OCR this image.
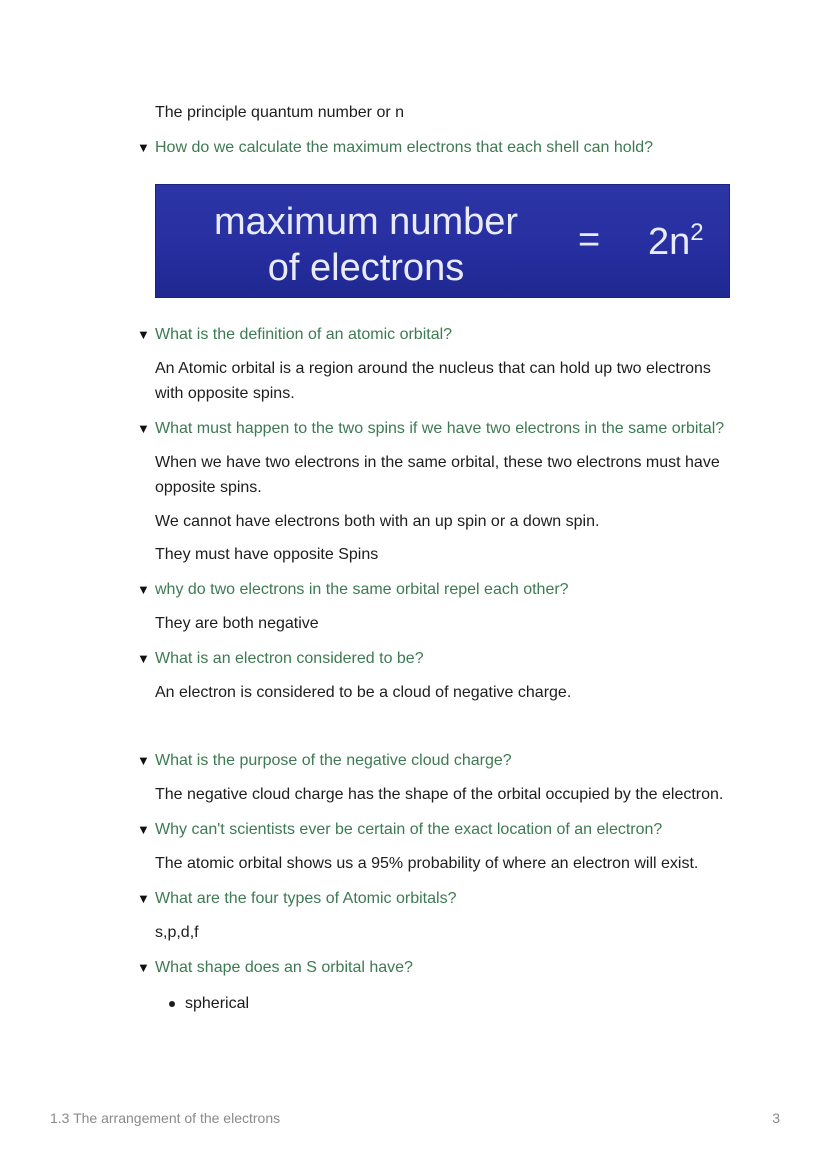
The principle quantum number or n
▼ How do we calculate the maximum electrons that each shell can hold?
maximum number
of electrons
= $2n^2$
▼ What is the definition of an atomic orbital?
An Atomic orbital is a region around the nucleus that can hold up two electrons with opposite spins.
▼ What must happen to the two spins if we have two electrons in the same orbital?
When we have two electrons in the same orbital, these two electrons must have opposite spins.
We cannot have electrons both with an up spin or a down spin.
They must have opposite Spins
▼ why do two electrons in the same orbital repel each other?
They are both negative
▼ What is an electron considered to be?
An electron is considered to be a cloud of negative charge.
▼ What is the purpose of the negative cloud charge?
The negative cloud charge has the shape of the orbital occupied by the electron.
▼ Why can't scientists ever be certain of the exact location of an electron?
The atomic orbital shows us a 95% probability of where an electron will exist.
▼ What are the four types of Atomic orbitals?
s,p,d,f
▼ What shape does an S orbital have?
spherical
1.3 The arrangement of the electrons	3
